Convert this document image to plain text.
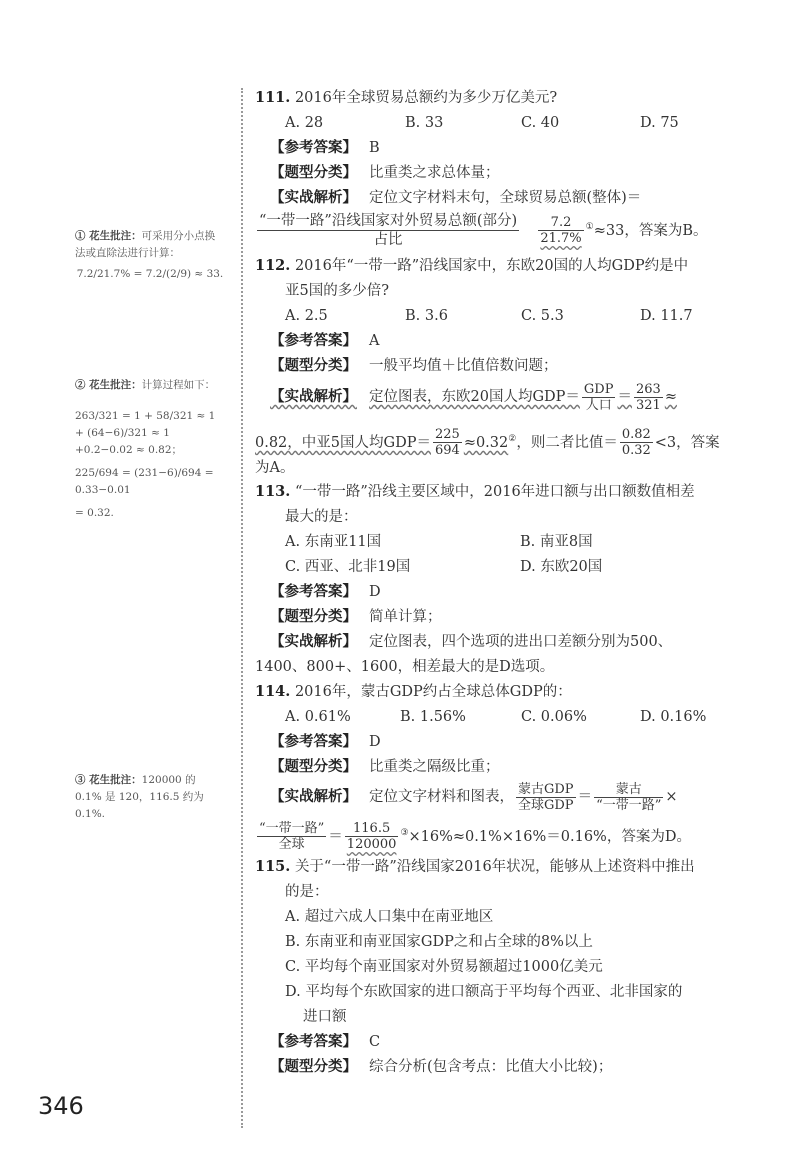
① 花生批注：可采用分小点换法或直除法进行计算：
7.2/21.7% = 7.2/(2/9) ≈ 33.
② 花生批注：计算过程如下：
263/321 = 1 + 58/321 ≈ 1 + (64−6)/321 ≈ 1
+0.2−0.02 ≈ 0.82；
225/694 = (231−6)/694 = 0.33−0.01
= 0.32.
③ 花生批注：120000 的 0.1% 是 120，116.5 约为 0.1%.
111. 2016年全球贸易总额约为多少万亿美元?
A. 28	B. 33	C. 40	D. 75
【参考答案】 B
【题型分类】 比重类之求总体量；
【实战解析】 定位文字材料末句，全球贸易总额(整体)＝
$\frac{\text{“一带一路”沿线国家对外贸易总额(部分)}}{\text{占比}}$
$\frac{7.2}{21.7\%} ^①\approx 33$，答案为B。
112. 2016年“一带一路”沿线国家中，东欧20国的人均GDP约是中
亚5国的多少倍?
A. 2.5	B. 3.6	C. 5.3	D. 11.7
【参考答案】 A
【题型分类】 一般平均值＋比值倍数问题；
【实战解析】 定位图表，东欧20国人均$GDP= \frac{\text{GDP}}{\text{人口}} = \frac{263}{321}$ ≈
0.82，中亚5国人均$GDP= \frac{225}{694} \approx 0.32^②$，则二者比值＝ $\frac{0.82}{0.32} <3$，答案
为A。
113. “一带一路”沿线主要区域中，2016年进口额与出口额数值相差
最大的是：
A. 东南亚11国	B. 南亚8国
C. 西亚、北非19国	D. 东欧20国
【参考答案】 D
【题型分类】 简单计算；
【实战解析】 定位图表，四个选项的进出口差额分别为500、
1400、800+、1600，相差最大的是D选项。
114. 2016年，蒙古GDP约占全球总体GDP的：
A. 0.61%	B. 1.56%	C. 0.06%	D. 0.16%
【参考答案】 D
【题型分类】 比重类之隔级比重；
【实战解析】 定位文字材料和图表， $\frac{\text{蒙古GDP}}{\text{全球GDP}} = \frac{\text{蒙古}}{\text{“一带一路”}}$ ×
$\frac{\text{“一带一路”}}{\text{全球}} = \frac{116.5}{120000} ^③\times 16\%\approx 0.1\%\times 16\%=0.16\%$，答案为D。
115. 关于“一带一路”沿线国家2016年状况，能够从上述资料中推出
的是：
A. 超过六成人口集中在南亚地区
B. 东南亚和南亚国家GDP之和占全球的8%以上
C. 平均每个南亚国家对外贸易额超过1000亿美元
D. 平均每个东欧国家的进口额高于平均每个西亚、北非国家的
进口额
【参考答案】 C
【题型分类】 综合分析(包含考点：比值大小比较)；
346
